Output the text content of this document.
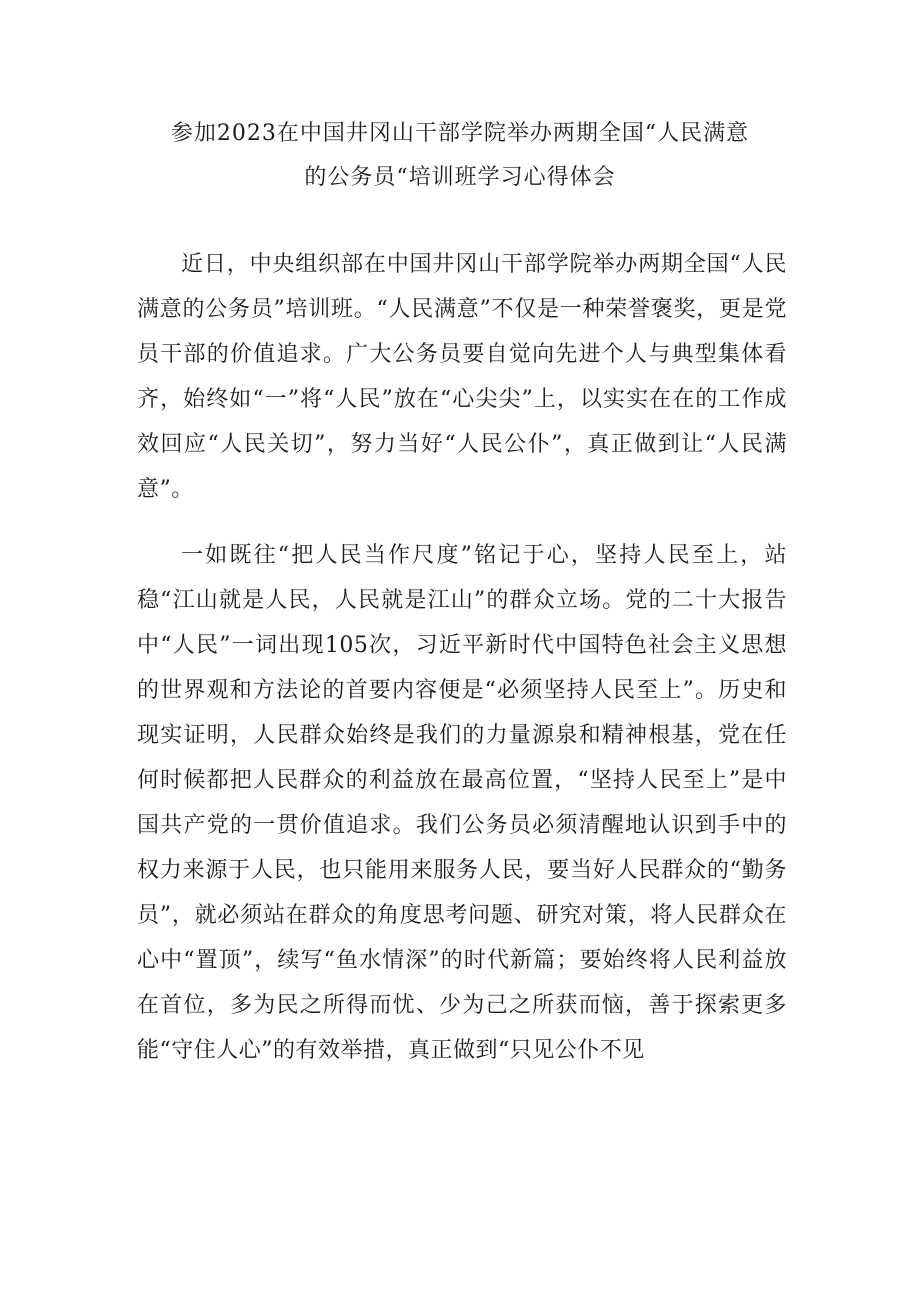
参加2023在中国井冈山干部学院举办两期全国“人民满意
的公务员“培训班学习心得体会

近日，中央组织部在中国井冈山干部学院举办两期全国“人民满意的公务员”培训班。“人民满意”不仅是一种荣誉褒奖，更是党员干部的价值追求。广大公务员要自觉向先进个人与典型集体看齐，始终如“一”将“人民”放在“心尖尖”上，以实实在在的工作成效回应“人民关切”，努力当好“人民公仆”，真正做到让“人民满意”。

一如既往“把人民当作尺度”铭记于心，坚持人民至上，站稳“江山就是人民，人民就是江山”的群众立场。党的二十大报告中“人民”一词出现105次，习近平新时代中国特色社会主义思想的世界观和方法论的首要内容便是“必须坚持人民至上”。历史和现实证明，人民群众始终是我们的力量源泉和精神根基，党在任何时候都把人民群众的利益放在最高位置，“坚持人民至上”是中国共产党的一贯价值追求。我们公务员必须清醒地认识到手中的权力来源于人民，也只能用来服务人民，要当好人民群众的“勤务员”，就必须站在群众的角度思考问题、研究对策，将人民群众在心中“置顶”，续写“鱼水情深”的时代新篇；要始终将人民利益放在首位，多为民之所得而忧、少为己之所获而恼，善于探索更多能“守住人心”的有效举措，真正做到“只见公仆不见
